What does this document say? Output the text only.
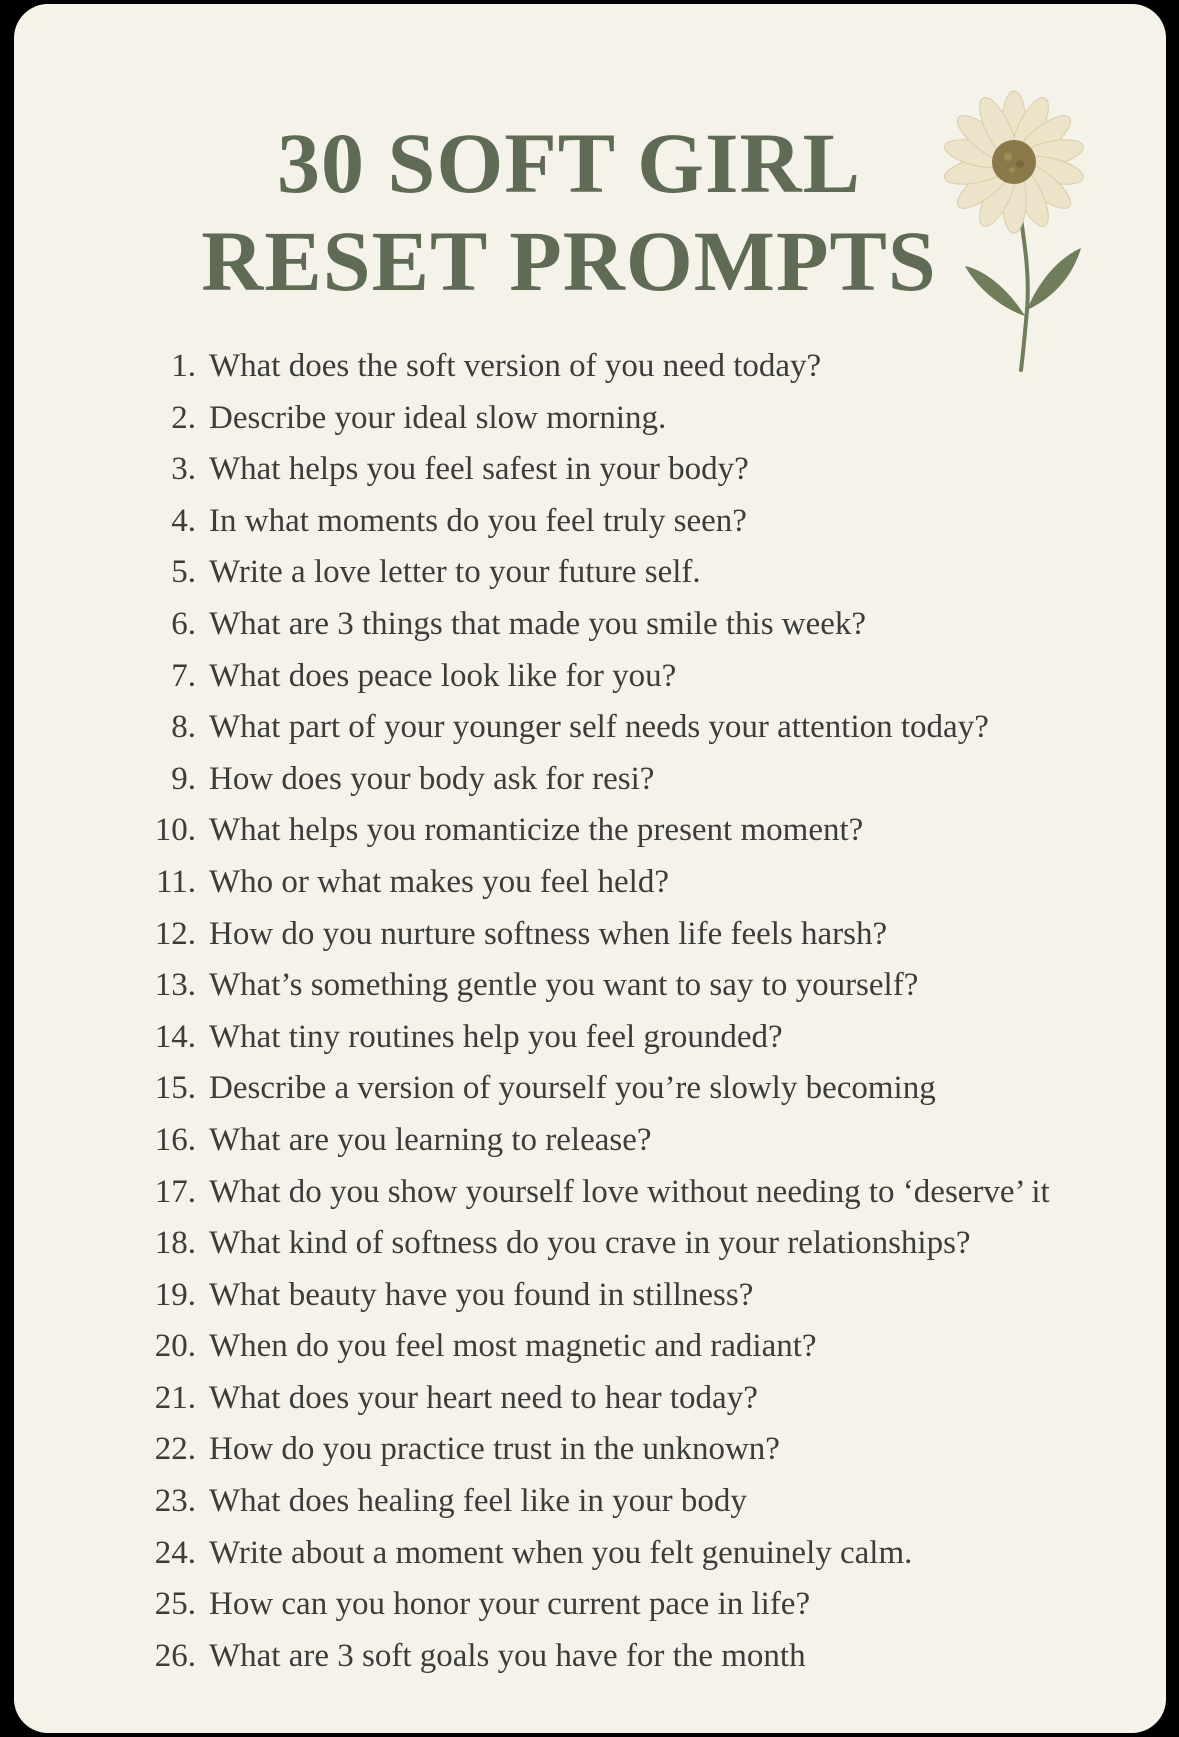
30 SOFT GIRL
RESET PROMPTS
1. What does the soft version of you need today?
2. Describe your ideal slow morning.
3. What helps you feel safest in your body?
4. In what moments do you feel truly seen?
5. Write a love letter to your future self.
6. What are 3 things that made you smile this week?
7. What does peace look like for you?
8. What part of your younger self needs your attention today?
9. How does your body ask for resi?
10. What helps you romanticize the present moment?
11. Who or what makes you feel held?
12. How do you nurture softness when life feels harsh?
13. What’s something gentle you want to say to yourself?
14. What tiny routines help you feel grounded?
15. Describe a version of yourself you’re slowly becoming
16. What are you learning to release?
17. What do you show yourself love without needing to ‘deserve’ it
18. What kind of softness do you crave in your relationships?
19. What beauty have you found in stillness?
20. When do you feel most magnetic and radiant?
21. What does your heart need to hear today?
22. How do you practice trust in the unknown?
23. What does healing feel like in your body
24. Write about a moment when you felt genuinely calm.
25. How can you honor your current pace in life?
26. What are 3 soft goals you have for the month
